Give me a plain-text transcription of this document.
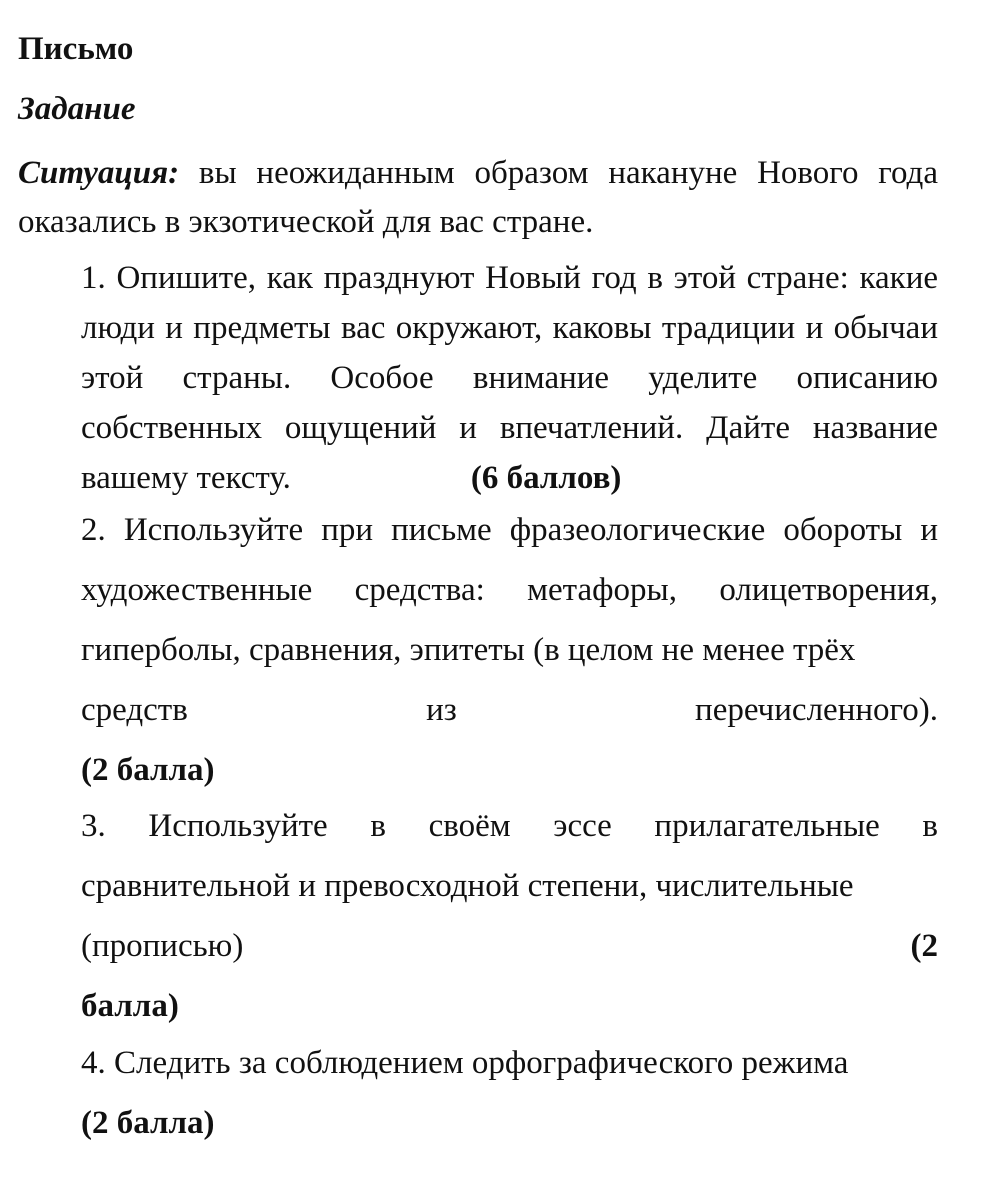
Письмо
Задание
Ситуация: вы неожиданным образом накануне Нового года оказались в экзотической для вас стране.
1. Опишите, как празднуют Новый год в этой стране: какие люди и предметы вас окружают, каковы традиции и обычаи этой страны. Особое внимание уделите описанию собственных ощущений и впечатлений. Дайте название вашему тексту.	(6 баллов)
2. Используйте при письме фразеологические обороты и художественные средства: метафоры, олицетворения, гиперболы, сравнения, эпитеты (в целом не менее трёх
средств	из	перечисленного).
(2 балла)
3. Используйте в своём эссе прилагательные в сравнительной и превосходной степени, числительные
(прописью)	(2
балла)
4. Следить за соблюдением орфографического режима
(2 балла)
